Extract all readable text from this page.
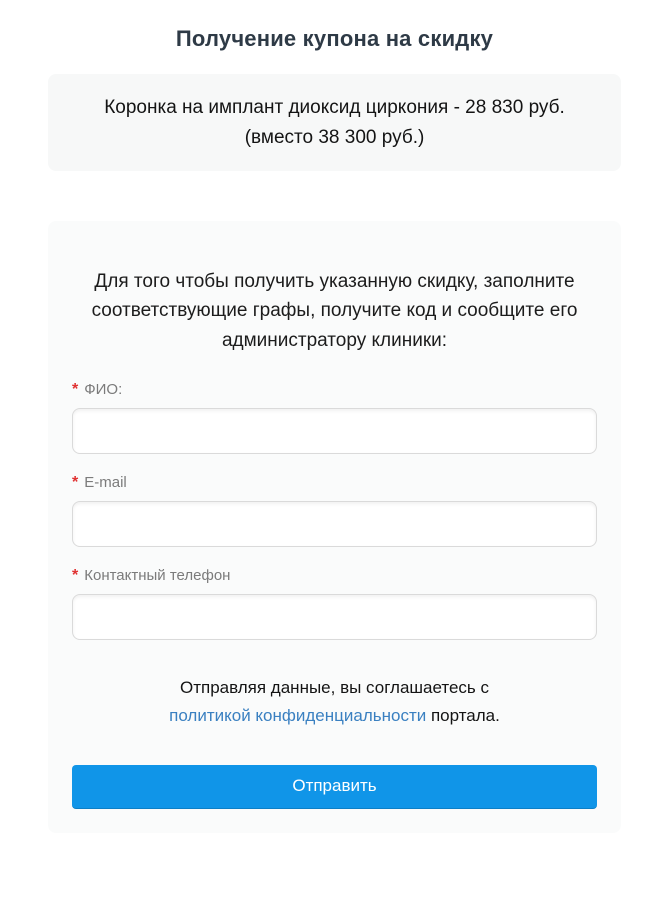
Получение купона на скидку
Коронка на имплант диоксид циркония - 28 830 руб.
(вместо 38 300 руб.)

Для того чтобы получить указанную скидку, заполните соответствующие графы, получите код и сообщите его администратору клиники:

* ФИО:
* E-mail
* Контактный телефон

Отправляя данные, вы соглашаетесь с
политикой конфиденциальности портала.

Отправить
